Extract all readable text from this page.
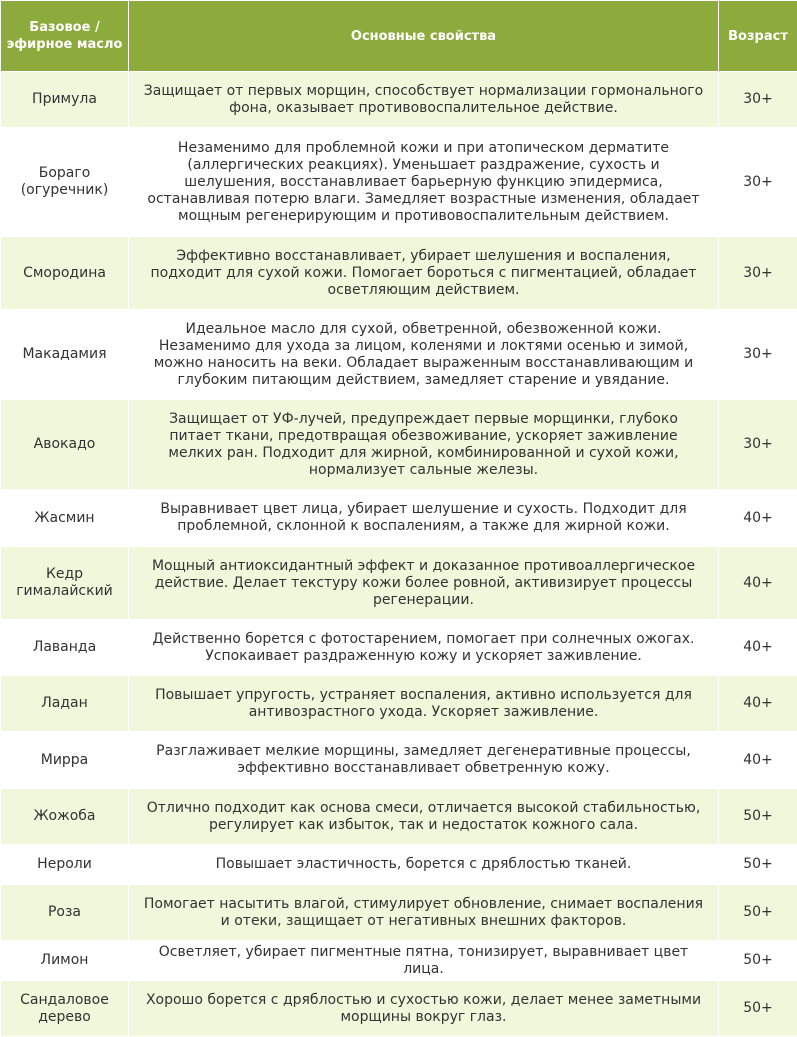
Базовое / эфирное масло	Основные свойства	Возраст
Примула	Защищает от первых морщин, способствует нормализации гормонального фона, оказывает противовоспалительное действие.	30+
Бораго (огуречник)	Незаменимо для проблемной кожи и при атопическом дерматите (аллергических реакциях). Уменьшает раздражение, сухость и шелушения, восстанавливает барьерную функцию эпидермиса, останавливая потерю влаги. Замедляет возрастные изменения, обладает мощным регенерирующим и противовоспалительным действием.	30+
Смородина	Эффективно восстанавливает, убирает шелушения и воспаления, подходит для сухой кожи. Помогает бороться с пигментацией, обладает осветляющим действием.	30+
Макадамия	Идеальное масло для сухой, обветренной, обезвоженной кожи. Незаменимо для ухода за лицом, коленями и локтями осенью и зимой, можно наносить на веки. Обладает выраженным восстанавливающим и глубоким питающим действием, замедляет старение и увядание.	30+
Авокадо	Защищает от УФ-лучей, предупреждает первые морщинки, глубоко питает ткани, предотвращая обезвоживание, ускоряет заживление мелких ран. Подходит для жирной, комбинированной и сухой кожи, нормализует сальные железы.	30+
Жасмин	Выравнивает цвет лица, убирает шелушение и сухость. Подходит для проблемной, склонной к воспалениям, а также для жирной кожи.	40+
Кедр гималайский	Мощный антиоксидантный эффект и доказанное противоаллергическое действие. Делает текстуру кожи более ровной, активизирует процессы регенерации.	40+
Лаванда	Действенно борется с фотостарением, помогает при солнечных ожогах. Успокаивает раздраженную кожу и ускоряет заживление.	40+
Ладан	Повышает упругость, устраняет воспаления, активно используется для антивозрастного ухода. Ускоряет заживление.	40+
Мирра	Разглаживает мелкие морщины, замедляет дегенеративные процессы, эффективно восстанавливает обветренную кожу.	40+
Жожоба	Отлично подходит как основа смеси, отличается высокой стабильностью, регулирует как избыток, так и недостаток кожного сала.	50+
Нероли	Повышает эластичность, борется с дряблостью тканей.	50+
Роза	Помогает насытить влагой, стимулирует обновление, снимает воспаления и отеки, защищает от негативных внешних факторов.	50+
Лимон	Осветляет, убирает пигментные пятна, тонизирует, выравнивает цвет лица.	50+
Сандаловое дерево	Хорошо борется с дряблостью и сухостью кожи, делает менее заметными морщины вокруг глаз.	50+
